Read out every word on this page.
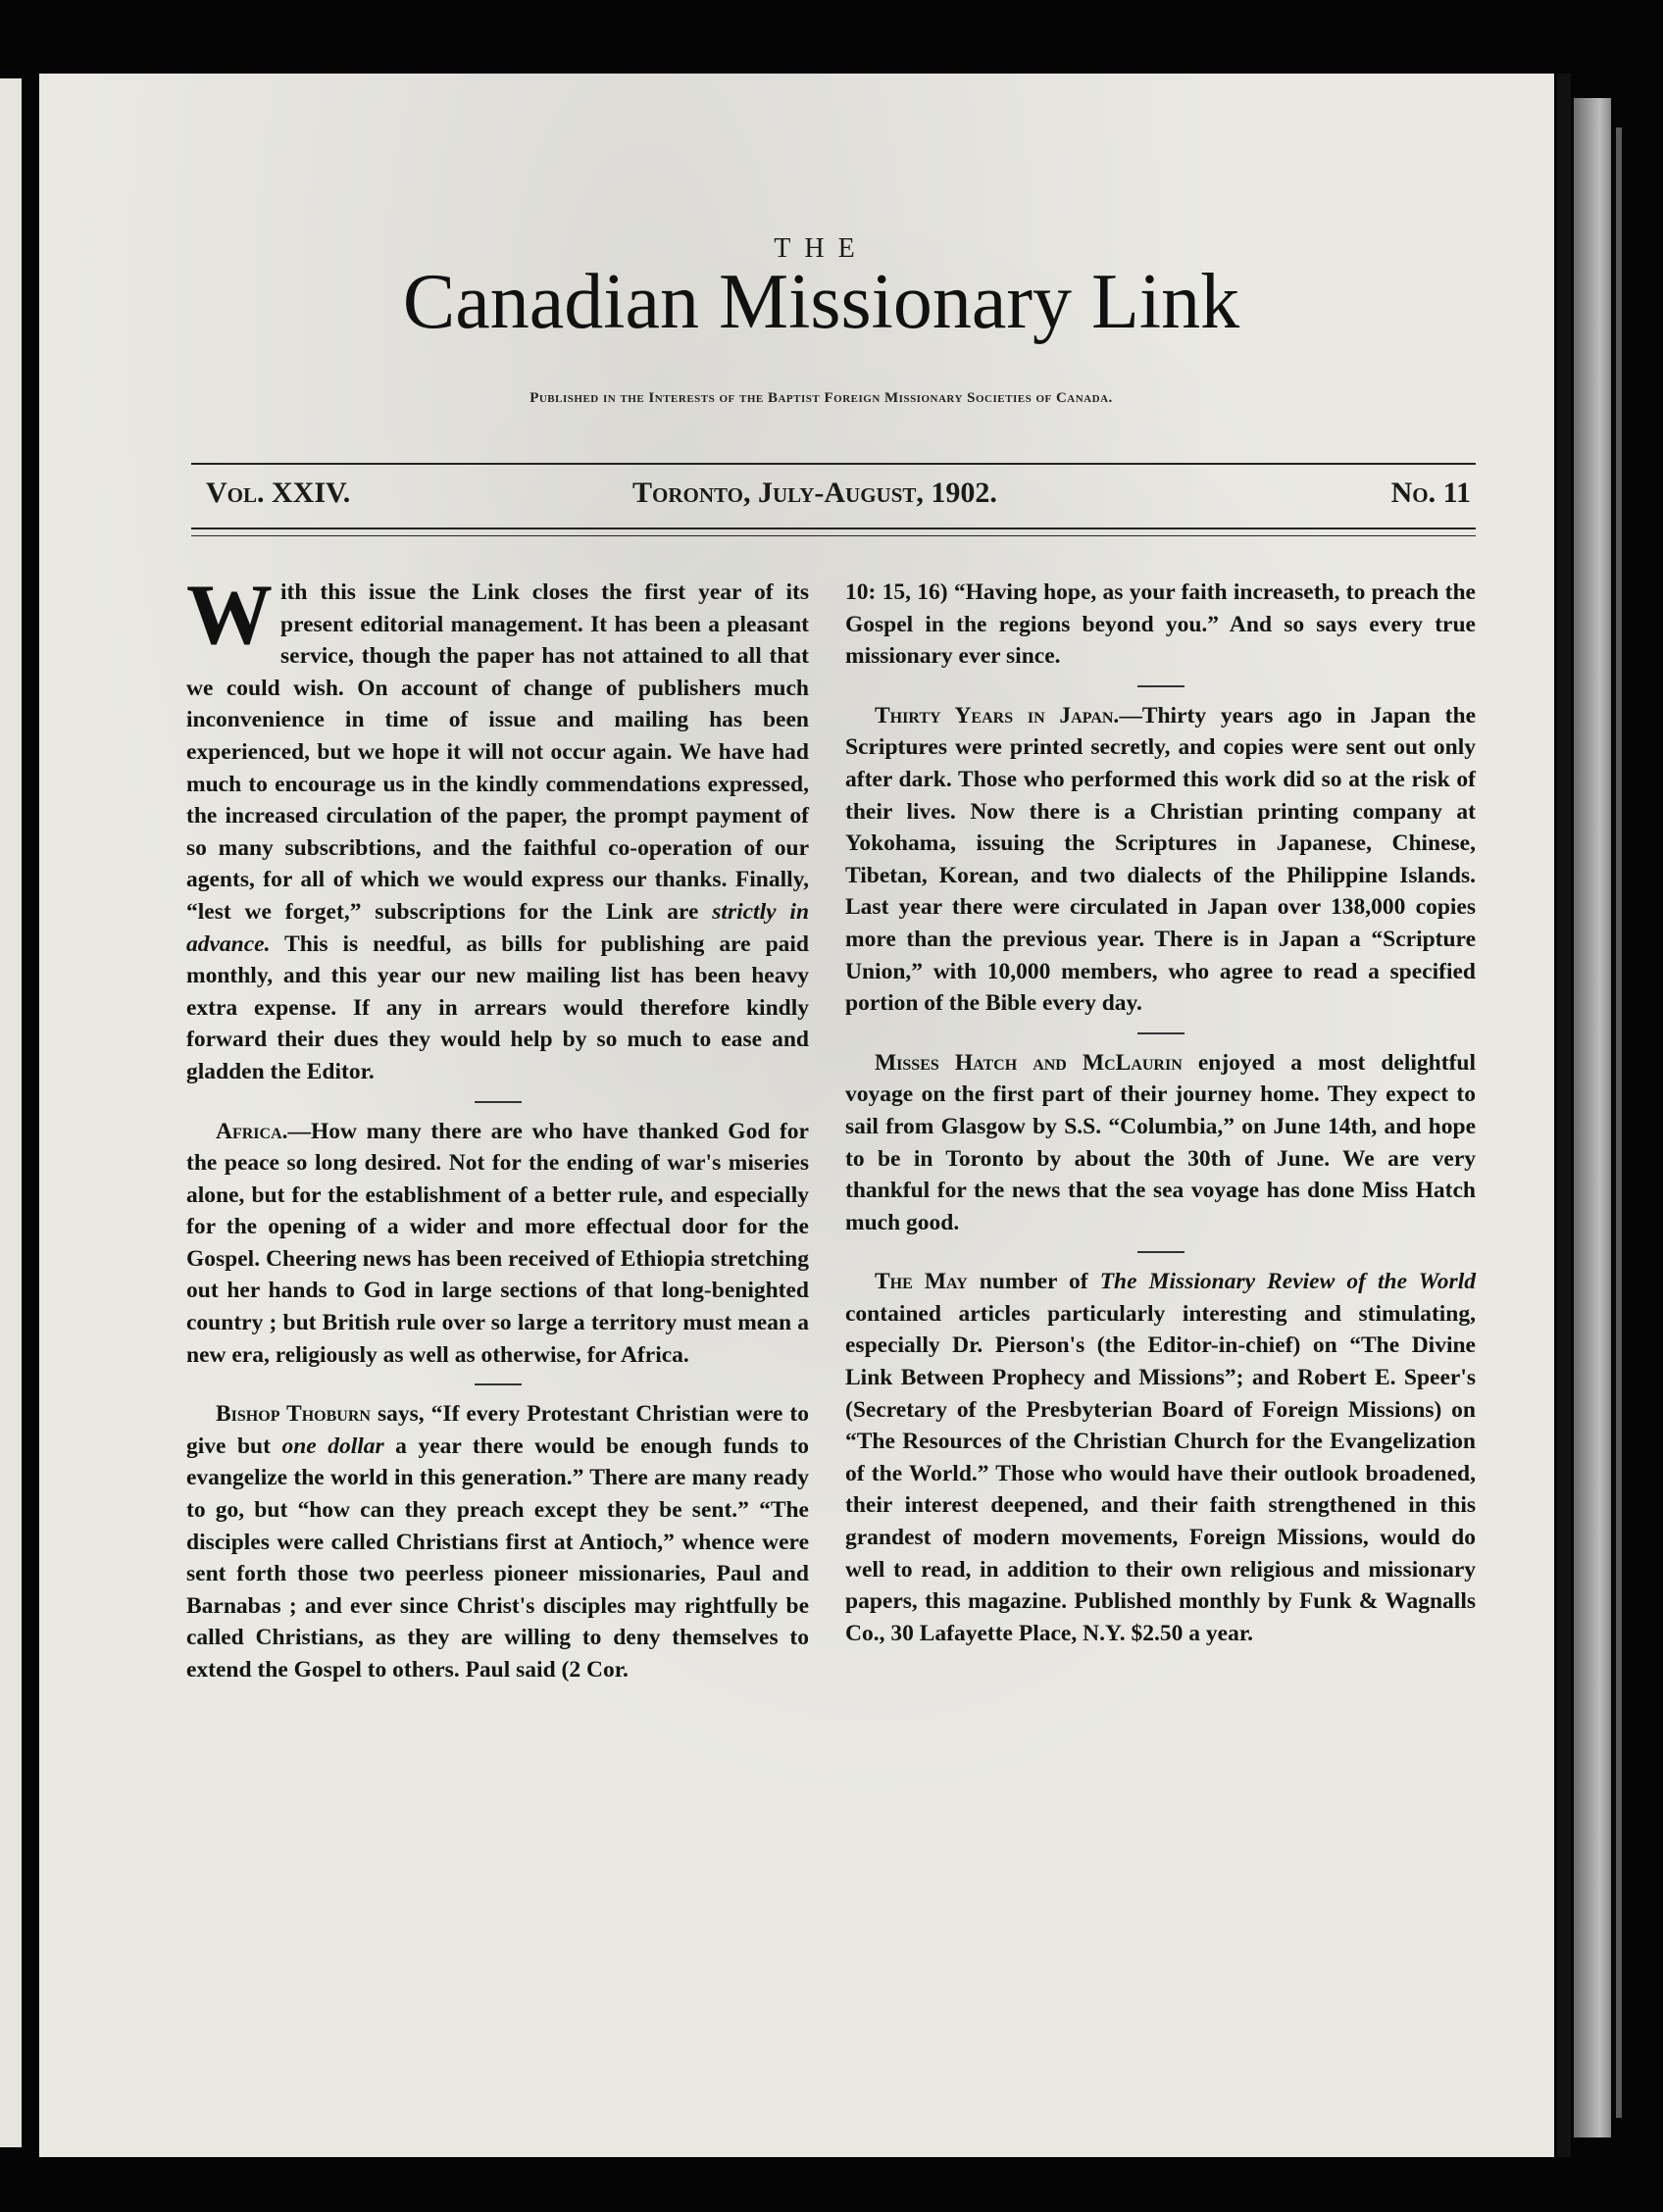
THE
Canadian Missionary Link
Published in the Interests of the Baptist Foreign Missionary Societies of Canada.
Vol. XXIV.	Toronto, July-August, 1902.	No. 11

With this issue the Link closes the first year of its present editorial management. It has been a pleasant service, though the paper has not attained to all that we could wish. On account of change of publishers much inconvenience in time of issue and mailing has been experienced, but we hope it will not occur again. We have had much to encourage us in the kindly commendations expressed, the increased circulation of the paper, the prompt payment of so many subscribtions, and the faithful co-operation of our agents, for all of which we would express our thanks. Finally, “lest we forget,” subscriptions for the Link are strictly in advance. This is needful, as bills for publishing are paid monthly, and this year our new mailing list has been heavy extra expense. If any in arrears would therefore kindly forward their dues they would help by so much to ease and gladden the Editor.

Africa.—How many there are who have thanked God for the peace so long desired. Not for the ending of war's miseries alone, but for the establishment of a better rule, and especially for the opening of a wider and more effectual door for the Gospel. Cheering news has been received of Ethiopia stretching out her hands to God in large sections of that long-benighted country ; but British rule over so large a territory must mean a new era, religiously as well as otherwise, for Africa.

Bishop Thoburn says, “If every Protestant Christian were to give but one dollar a year there would be enough funds to evangelize the world in this generation.” There are many ready to go, but “how can they preach except they be sent.” “The disciples were called Christians first at Antioch,” whence were sent forth those two peerless pioneer missionaries, Paul and Barnabas ; and ever since Christ's disciples may rightfully be called Christians, as they are willing to deny themselves to extend the Gospel to others. Paul said (2 Cor.

10: 15, 16) “Having hope, as your faith increaseth, to preach the Gospel in the regions beyond you.” And so says every true missionary ever since.

Thirty Years in Japan.—Thirty years ago in Japan the Scriptures were printed secretly, and copies were sent out only after dark. Those who performed this work did so at the risk of their lives. Now there is a Christian printing company at Yokohama, issuing the Scriptures in Japanese, Chinese, Tibetan, Korean, and two dialects of the Philippine Islands. Last year there were circulated in Japan over 138,000 copies more than the previous year. There is in Japan a “Scripture Union,” with 10,000 members, who agree to read a specified portion of the Bible every day.

Misses Hatch and McLaurin enjoyed a most delightful voyage on the first part of their journey home. They expect to sail from Glasgow by S.S. “Columbia,” on June 14th, and hope to be in Toronto by about the 30th of June. We are very thankful for the news that the sea voyage has done Miss Hatch much good.

The May number of The Missionary Review of the World contained articles particularly interesting and stimulating, especially Dr. Pierson's (the Editor-in-chief) on “The Divine Link Between Prophecy and Missions”; and Robert E. Speer's (Secretary of the Presbyterian Board of Foreign Missions) on “The Resources of the Christian Church for the Evangelization of the World.” Those who would have their outlook broadened, their interest deepened, and their faith strengthened in this grandest of modern movements, Foreign Missions, would do well to read, in addition to their own religious and missionary papers, this magazine. Published monthly by Funk & Wagnalls Co., 30 Lafayette Place, N.Y. $2.50 a year.
